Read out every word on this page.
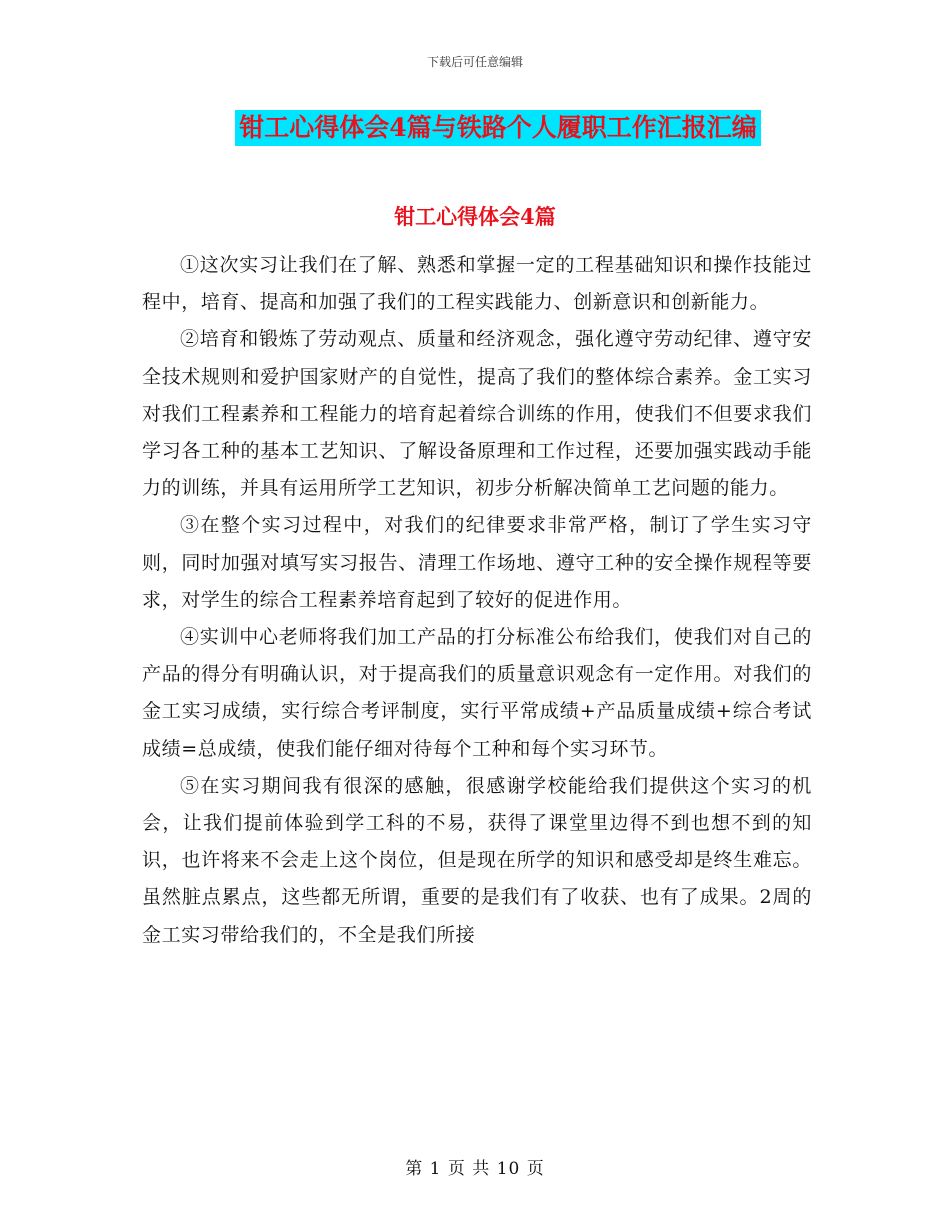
下载后可任意编辑
钳工心得体会4篇与铁路个人履职工作汇报汇编
钳工心得体会4篇

①这次实习让我们在了解、熟悉和掌握一定的工程基础知识和操作技能过程中，培育、提高和加强了我们的工程实践能力、创新意识和创新能力。

②培育和锻炼了劳动观点、质量和经济观念，强化遵守劳动纪律、遵守安全技术规则和爱护国家财产的自觉性，提高了我们的整体综合素养。金工实习对我们工程素养和工程能力的培育起着综合训练的作用，使我们不但要求我们学习各工种的基本工艺知识、了解设备原理和工作过程，还要加强实践动手能力的训练，并具有运用所学工艺知识，初步分析解决简单工艺问题的能力。

③在整个实习过程中，对我们的纪律要求非常严格，制订了学生实习守则，同时加强对填写实习报告、清理工作场地、遵守工种的安全操作规程等要求，对学生的综合工程素养培育起到了较好的促进作用。

④实训中心老师将我们加工产品的打分标准公布给我们，使我们对自己的产品的得分有明确认识，对于提高我们的质量意识观念有一定作用。对我们的金工实习成绩，实行综合考评制度，实行平常成绩+产品质量成绩+综合考试成绩=总成绩，使我们能仔细对待每个工种和每个实习环节。

⑤在实习期间我有很深的感触，很感谢学校能给我们提供这个实习的机会，让我们提前体验到学工科的不易，获得了课堂里边得不到也想不到的知识，也许将来不会走上这个岗位，但是现在所学的知识和感受却是终生难忘。虽然脏点累点，这些都无所谓，重要的是我们有了收获、也有了成果。2周的金工实习带给我们的，不全是我们所接

第 1 页 共 10 页
